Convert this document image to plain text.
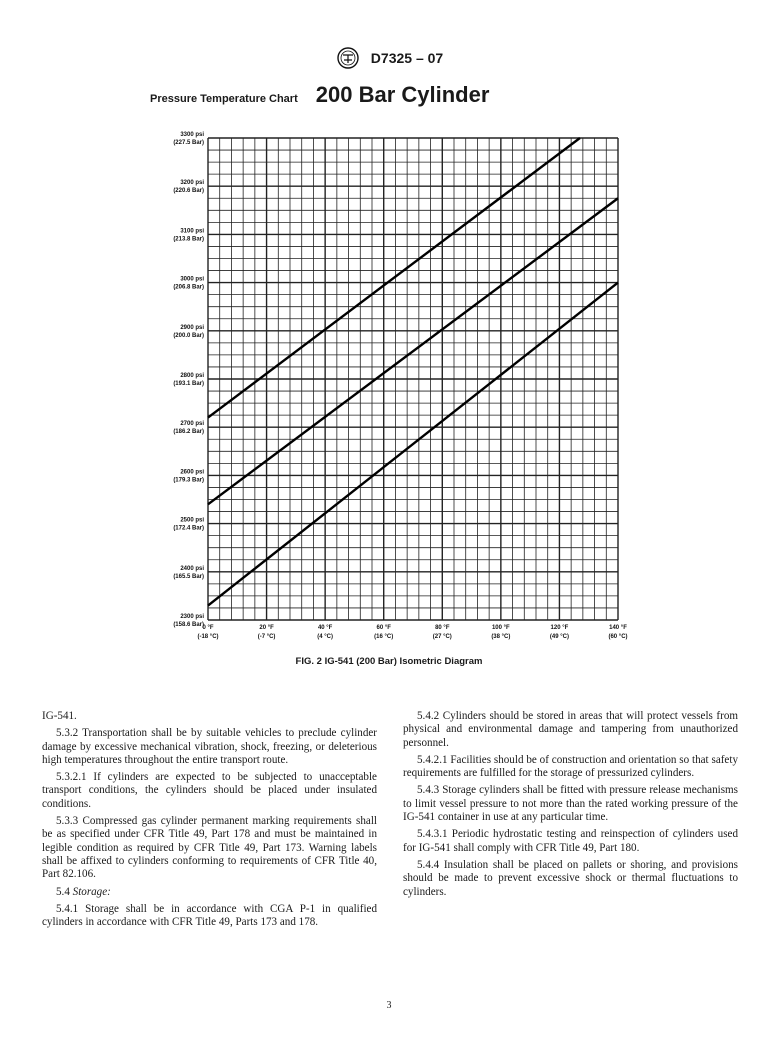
D7325 – 07
Pressure Temperature Chart 200 Bar Cylinder
3300 psi
(227.5 Bar)
3200 psi
(220.6 Bar)
3100 psi
(213.8 Bar)
3000 psi
(206.8 Bar)
2900 psi
(200.0 Bar)
2800 psi
(193.1 Bar)
2700 psi
(186.2 Bar)
2600 psi
(179.3 Bar)
2500 psi
(172.4 Bar)
2400 psi
(165.5 Bar)
2300 psi
(158.6 Bar)
0 °F
(-18 °C)
20 °F
(-7 °C)
40 °F
(4 °C)
60 °F
(16 °C)
80 °F
(27 °C)
100 °F
(38 °C)
120 °F
(49 °C)
140 °F
(60 °C)
FIG. 2 IG-541 (200 Bar) Isometric Diagram

IG-541.

5.3.2 Transportation shall be by suitable vehicles to preclude cylinder damage by excessive mechanical vibration, shock, freezing, or deleterious high temperatures throughout the entire transport route.

5.3.2.1 If cylinders are expected to be subjected to unacceptable transport conditions, the cylinders should be placed under insulated conditions.

5.3.3 Compressed gas cylinder permanent marking requirements shall be as specified under CFR Title 49, Part 178 and must be maintained in legible condition as required by CFR Title 49, Part 173. Warning labels shall be affixed to cylinders conforming to requirements of CFR Title 40, Part 82.106.

5.4 Storage:

5.4.1 Storage shall be in accordance with CGA P-1 in qualified cylinders in accordance with CFR Title 49, Parts 173 and 178.

5.4.2 Cylinders should be stored in areas that will protect vessels from physical and environmental damage and tampering from unauthorized personnel.

5.4.2.1 Facilities should be of construction and orientation so that safety requirements are fulfilled for the storage of pressurized cylinders.

5.4.3 Storage cylinders shall be fitted with pressure release mechanisms to limit vessel pressure to not more than the rated working pressure of the IG-541 container in use at any particular time.

5.4.3.1 Periodic hydrostatic testing and reinspection of cylinders used for IG-541 shall comply with CFR Title 49, Part 180.

5.4.4 Insulation shall be placed on pallets or shoring, and provisions should be made to prevent excessive shock or thermal fluctuations to cylinders.

3
